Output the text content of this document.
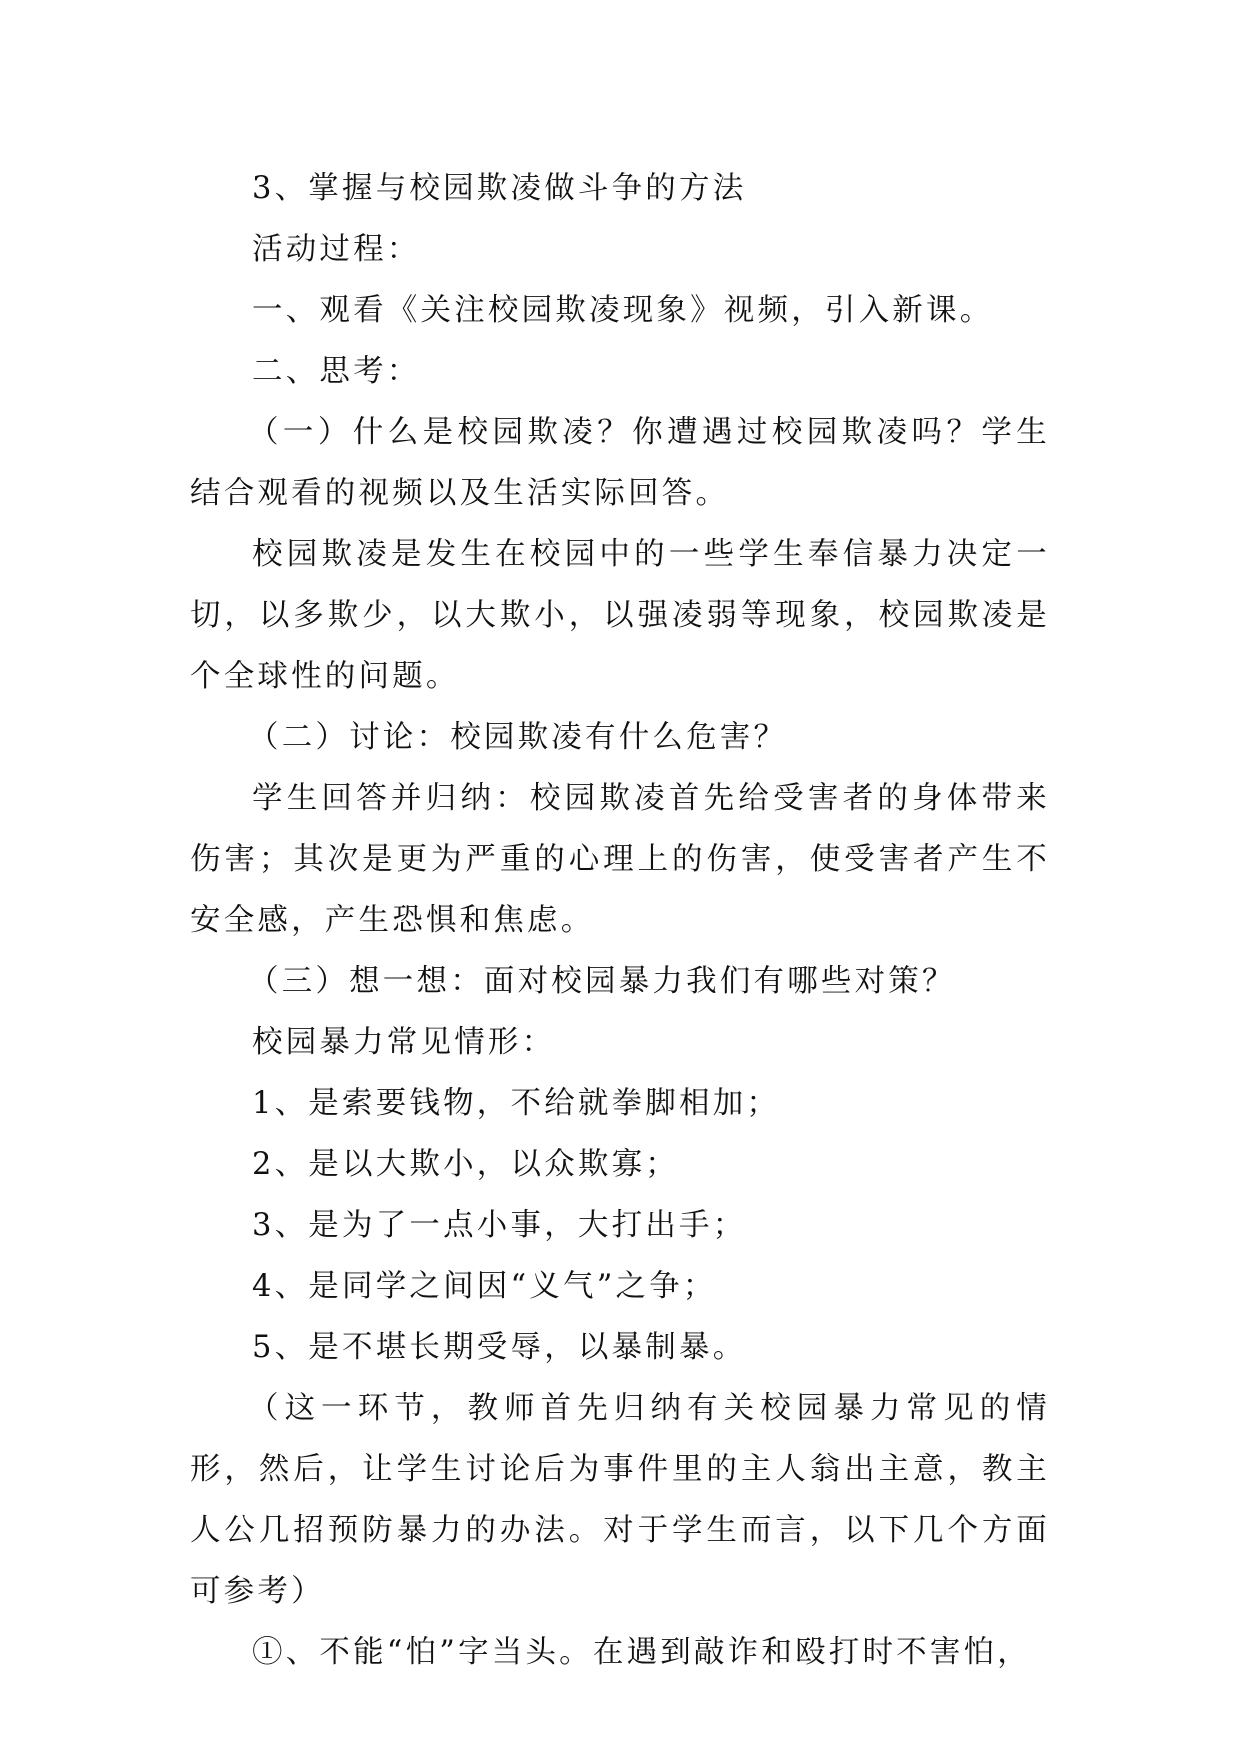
3、掌握与校园欺凌做斗争的方法

活动过程：

一、观看《关注校园欺凌现象》视频，引入新课。

二、思考：

（一）什么是校园欺凌？你遭遇过校园欺凌吗？学生结合观看的视频以及生活实际回答。

校园欺凌是发生在校园中的一些学生奉信暴力决定一切，以多欺少，以大欺小，以强凌弱等现象，校园欺凌是个全球性的问题。

（二）讨论：校园欺凌有什么危害？

学生回答并归纳：校园欺凌首先给受害者的身体带来伤害；其次是更为严重的心理上的伤害，使受害者产生不安全感，产生恐惧和焦虑。

（三）想一想：面对校园暴力我们有哪些对策？

校园暴力常见情形：

1、是索要钱物，不给就拳脚相加；

2、是以大欺小，以众欺寡；

3、是为了一点小事，大打出手；

4、是同学之间因“义气”之争；

5、是不堪长期受辱，以暴制暴。

（这一环节，教师首先归纳有关校园暴力常见的情形，然后，让学生讨论后为事件里的主人翁出主意，教主人公几招预防暴力的办法。对于学生而言，以下几个方面可参考）

①、不能“怕”字当头。在遇到敲诈和殴打时不害怕，
